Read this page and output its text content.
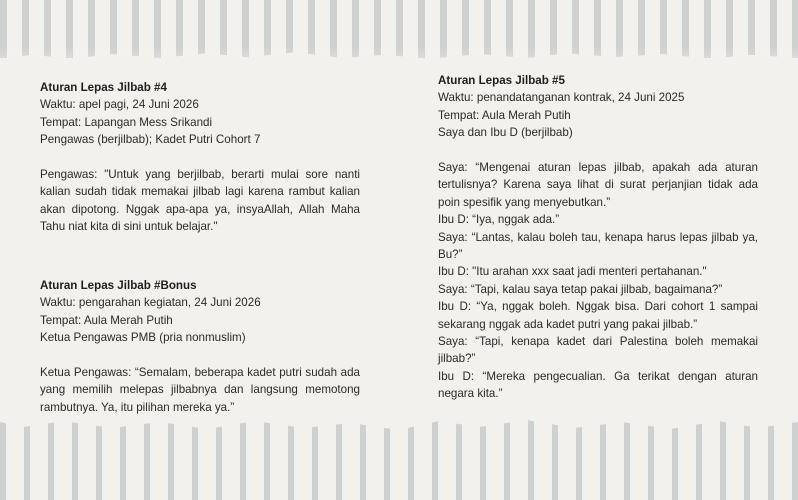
Aturan Lepas Jilbab #4

Waktu: apel pagi, 24 Juni 2026

Tempat: Lapangan Mess Srikandi

Pengawas (berjilbab); Kadet Putri Cohort 7

Pengawas: "Untuk yang berjilbab, berarti mulai sore nanti kalian sudah tidak memakai jilbab lagi karena rambut kalian akan dipotong. Nggak apa-apa ya, insyaAllah, Allah Maha Tahu niat kita di sini untuk belajar."

Aturan Lepas Jilbab #Bonus

Waktu: pengarahan kegiatan, 24 Juni 2026

Tempat: Aula Merah Putih

Ketua Pengawas PMB (pria nonmuslim)

Ketua Pengawas: “Semalam, beberapa kadet putri sudah ada yang memilih melepas jilbabnya dan langsung memotong rambutnya. Ya, itu pilihan mereka ya.”

Aturan Lepas Jilbab #5

Waktu: penandatanganan kontrak, 24 Juni 2025

Tempat: Aula Merah Putih

Saya dan Ibu D (berjilbab)

Saya: “Mengenai aturan lepas jilbab, apakah ada aturan tertulisnya? Karena saya lihat di surat perjanjian tidak ada poin spesifik yang menyebutkan.”

Ibu D: “Iya, nggak ada.”

Saya: “Lantas, kalau boleh tau, kenapa harus lepas jilbab ya, Bu?”

Ibu D: "Itu arahan xxx saat jadi menteri pertahanan."

Saya: “Tapi, kalau saya tetap pakai jilbab, bagaimana?”

Ibu D: “Ya, nggak boleh. Nggak bisa. Dari cohort 1 sampai sekarang nggak ada kadet putri yang pakai jilbab.”

Saya: “Tapi, kenapa kadet dari Palestina boleh memakai jilbab?”

Ibu D: “Mereka pengecualian. Ga terikat dengan aturan negara kita.”
